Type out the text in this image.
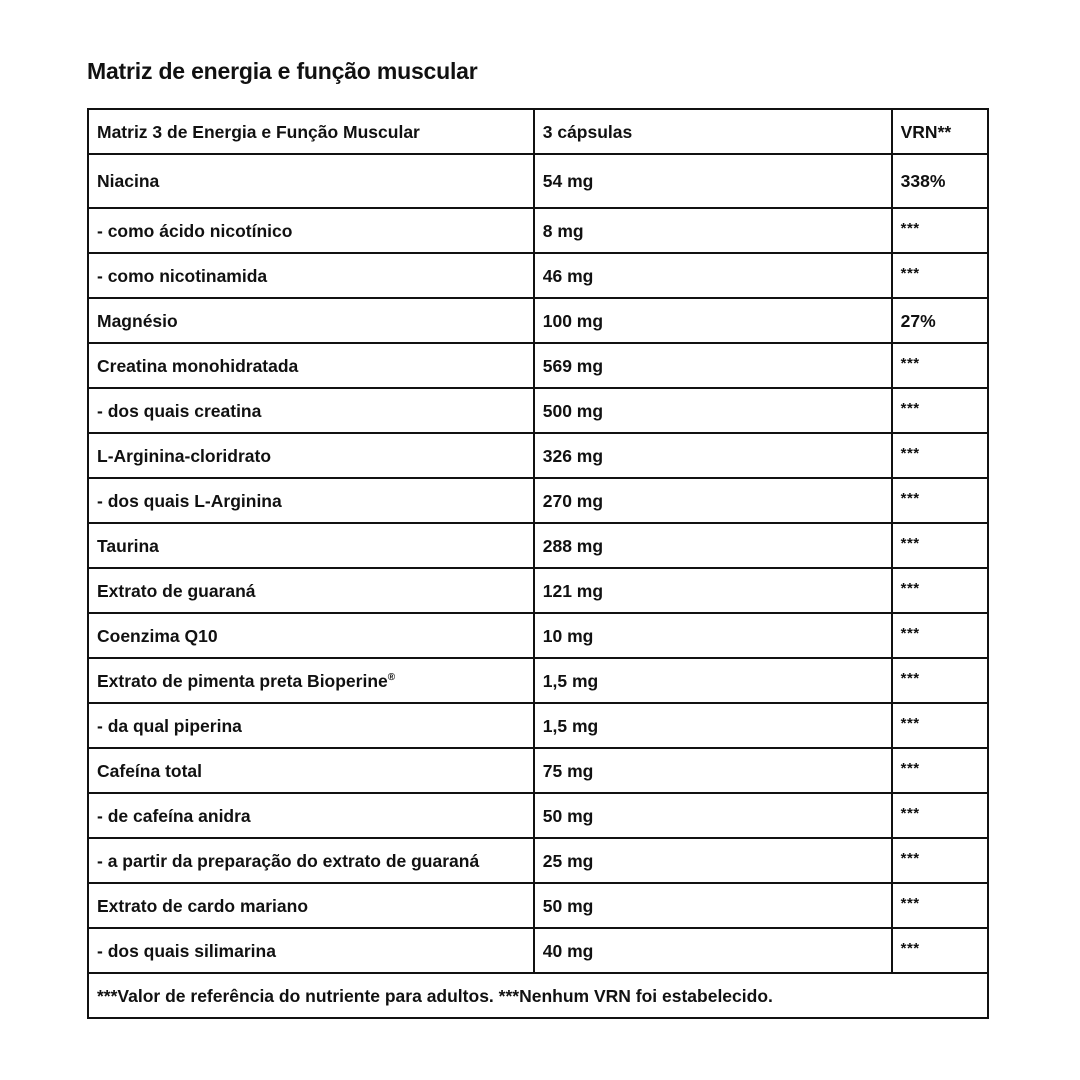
Matriz de energia e função muscular
Matriz 3 de Energia e Função Muscular	3 cápsulas	VRN**
Niacina	54 mg	338%
- como ácido nicotínico	8 mg	***
- como nicotinamida	46 mg	***
Magnésio	100 mg	27%
Creatina monohidratada	569 mg	***
- dos quais creatina	500 mg	***
L-Arginina-cloridrato	326 mg	***
- dos quais L-Arginina	270 mg	***
Taurina	288 mg	***
Extrato de guaraná	121 mg	***
Coenzima Q10	10 mg	***
Extrato de pimenta preta Bioperine®	1,5 mg	***
- da qual piperina	1,5 mg	***
Cafeína total	75 mg	***
- de cafeína anidra	50 mg	***
- a partir da preparação do extrato de guaraná	25 mg	***
Extrato de cardo mariano	50 mg	***
- dos quais silimarina	40 mg	***
***Valor de referência do nutriente para adultos. ***Nenhum VRN foi estabelecido.		
